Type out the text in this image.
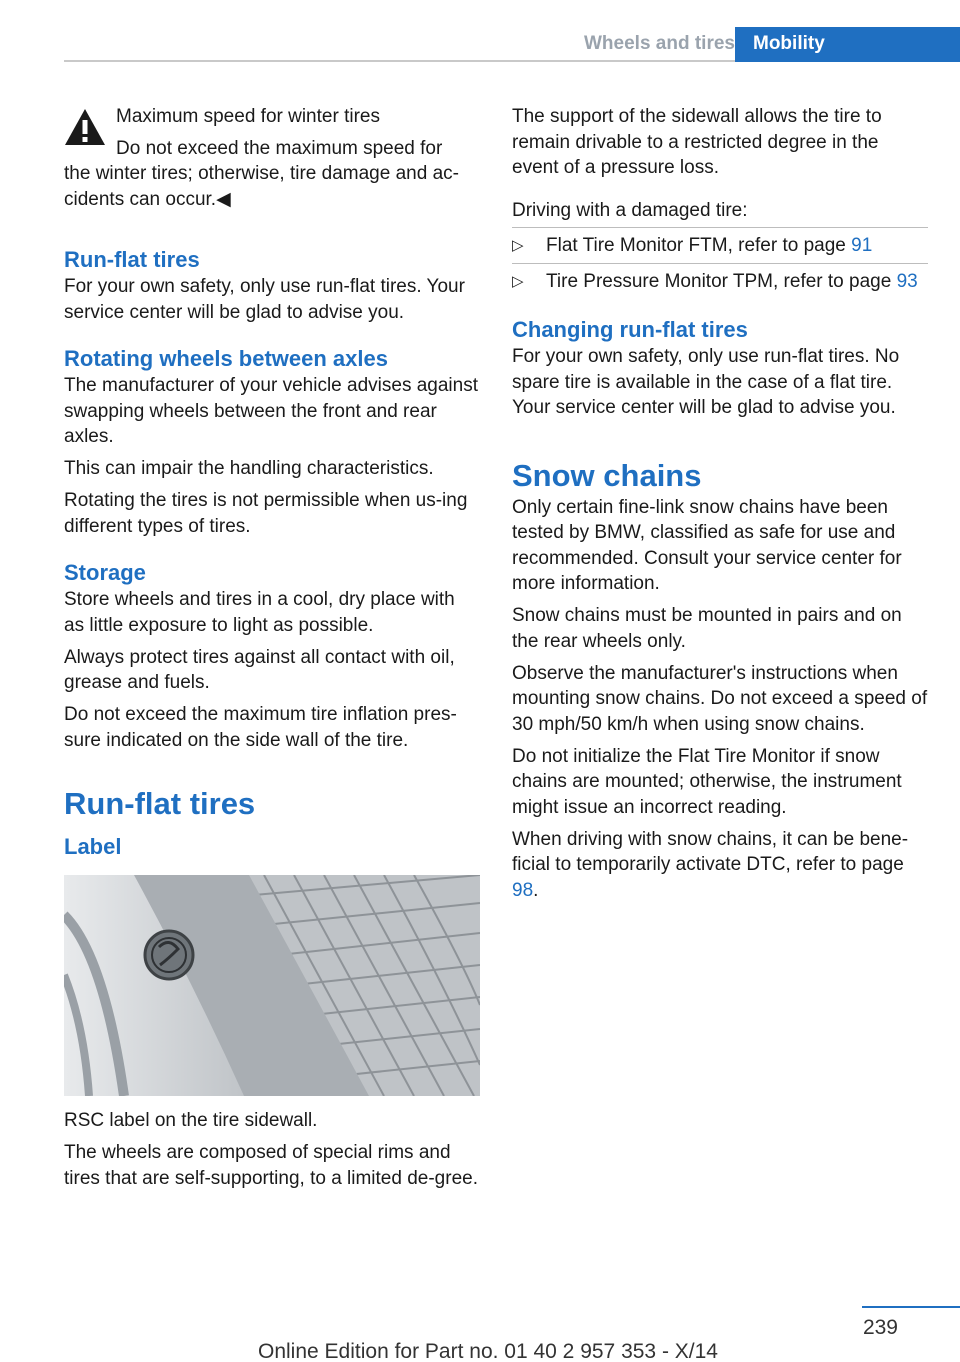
Wheels and tires Mobility

Maximum speed for winter tires

Do not exceed the maximum speed for

the winter tires; otherwise, tire damage and ac‐cidents can occur.◀

Run-flat tires

For your own safety, only use run-flat tires. Your service center will be glad to advise you.

Rotating wheels between axles

The manufacturer of your vehicle advises against swapping wheels between the front and rear axles.

This can impair the handling characteristics.

Rotating the tires is not permissible when us‐ing different types of tires.

Storage

Store wheels and tires in a cool, dry place with as little exposure to light as possible.

Always protect tires against all contact with oil, grease and fuels.

Do not exceed the maximum tire inflation pres‐sure indicated on the side wall of the tire.

Run-flat tires
Label

RSC label on the tire sidewall.

The wheels are composed of special rims and tires that are self-supporting, to a limited de‐gree.

The support of the sidewall allows the tire to remain drivable to a restricted degree in the event of a pressure loss.

Driving with a damaged tire:

▷ Flat Tire Monitor FTM, refer to page 91
▷ Tire Pressure Monitor TPM, refer to page 93
Changing run-flat tires

For your own safety, only use run-flat tires. No spare tire is available in the case of a flat tire. Your service center will be glad to advise you.

Snow chains

Only certain fine-link snow chains have been tested by BMW, classified as safe for use and recommended. Consult your service center for more information.

Snow chains must be mounted in pairs and on the rear wheels only.

Observe the manufacturer's instructions when mounting snow chains. Do not exceed a speed of 30 mph/50 km/h when using snow chains.

Do not initialize the Flat Tire Monitor if snow chains are mounted; otherwise, the instrument might issue an incorrect reading.

When driving with snow chains, it can be bene‐ficial to temporarily activate DTC, refer to page 98.

239
Online Edition for Part no. 01 40 2 957 353 - X/14
